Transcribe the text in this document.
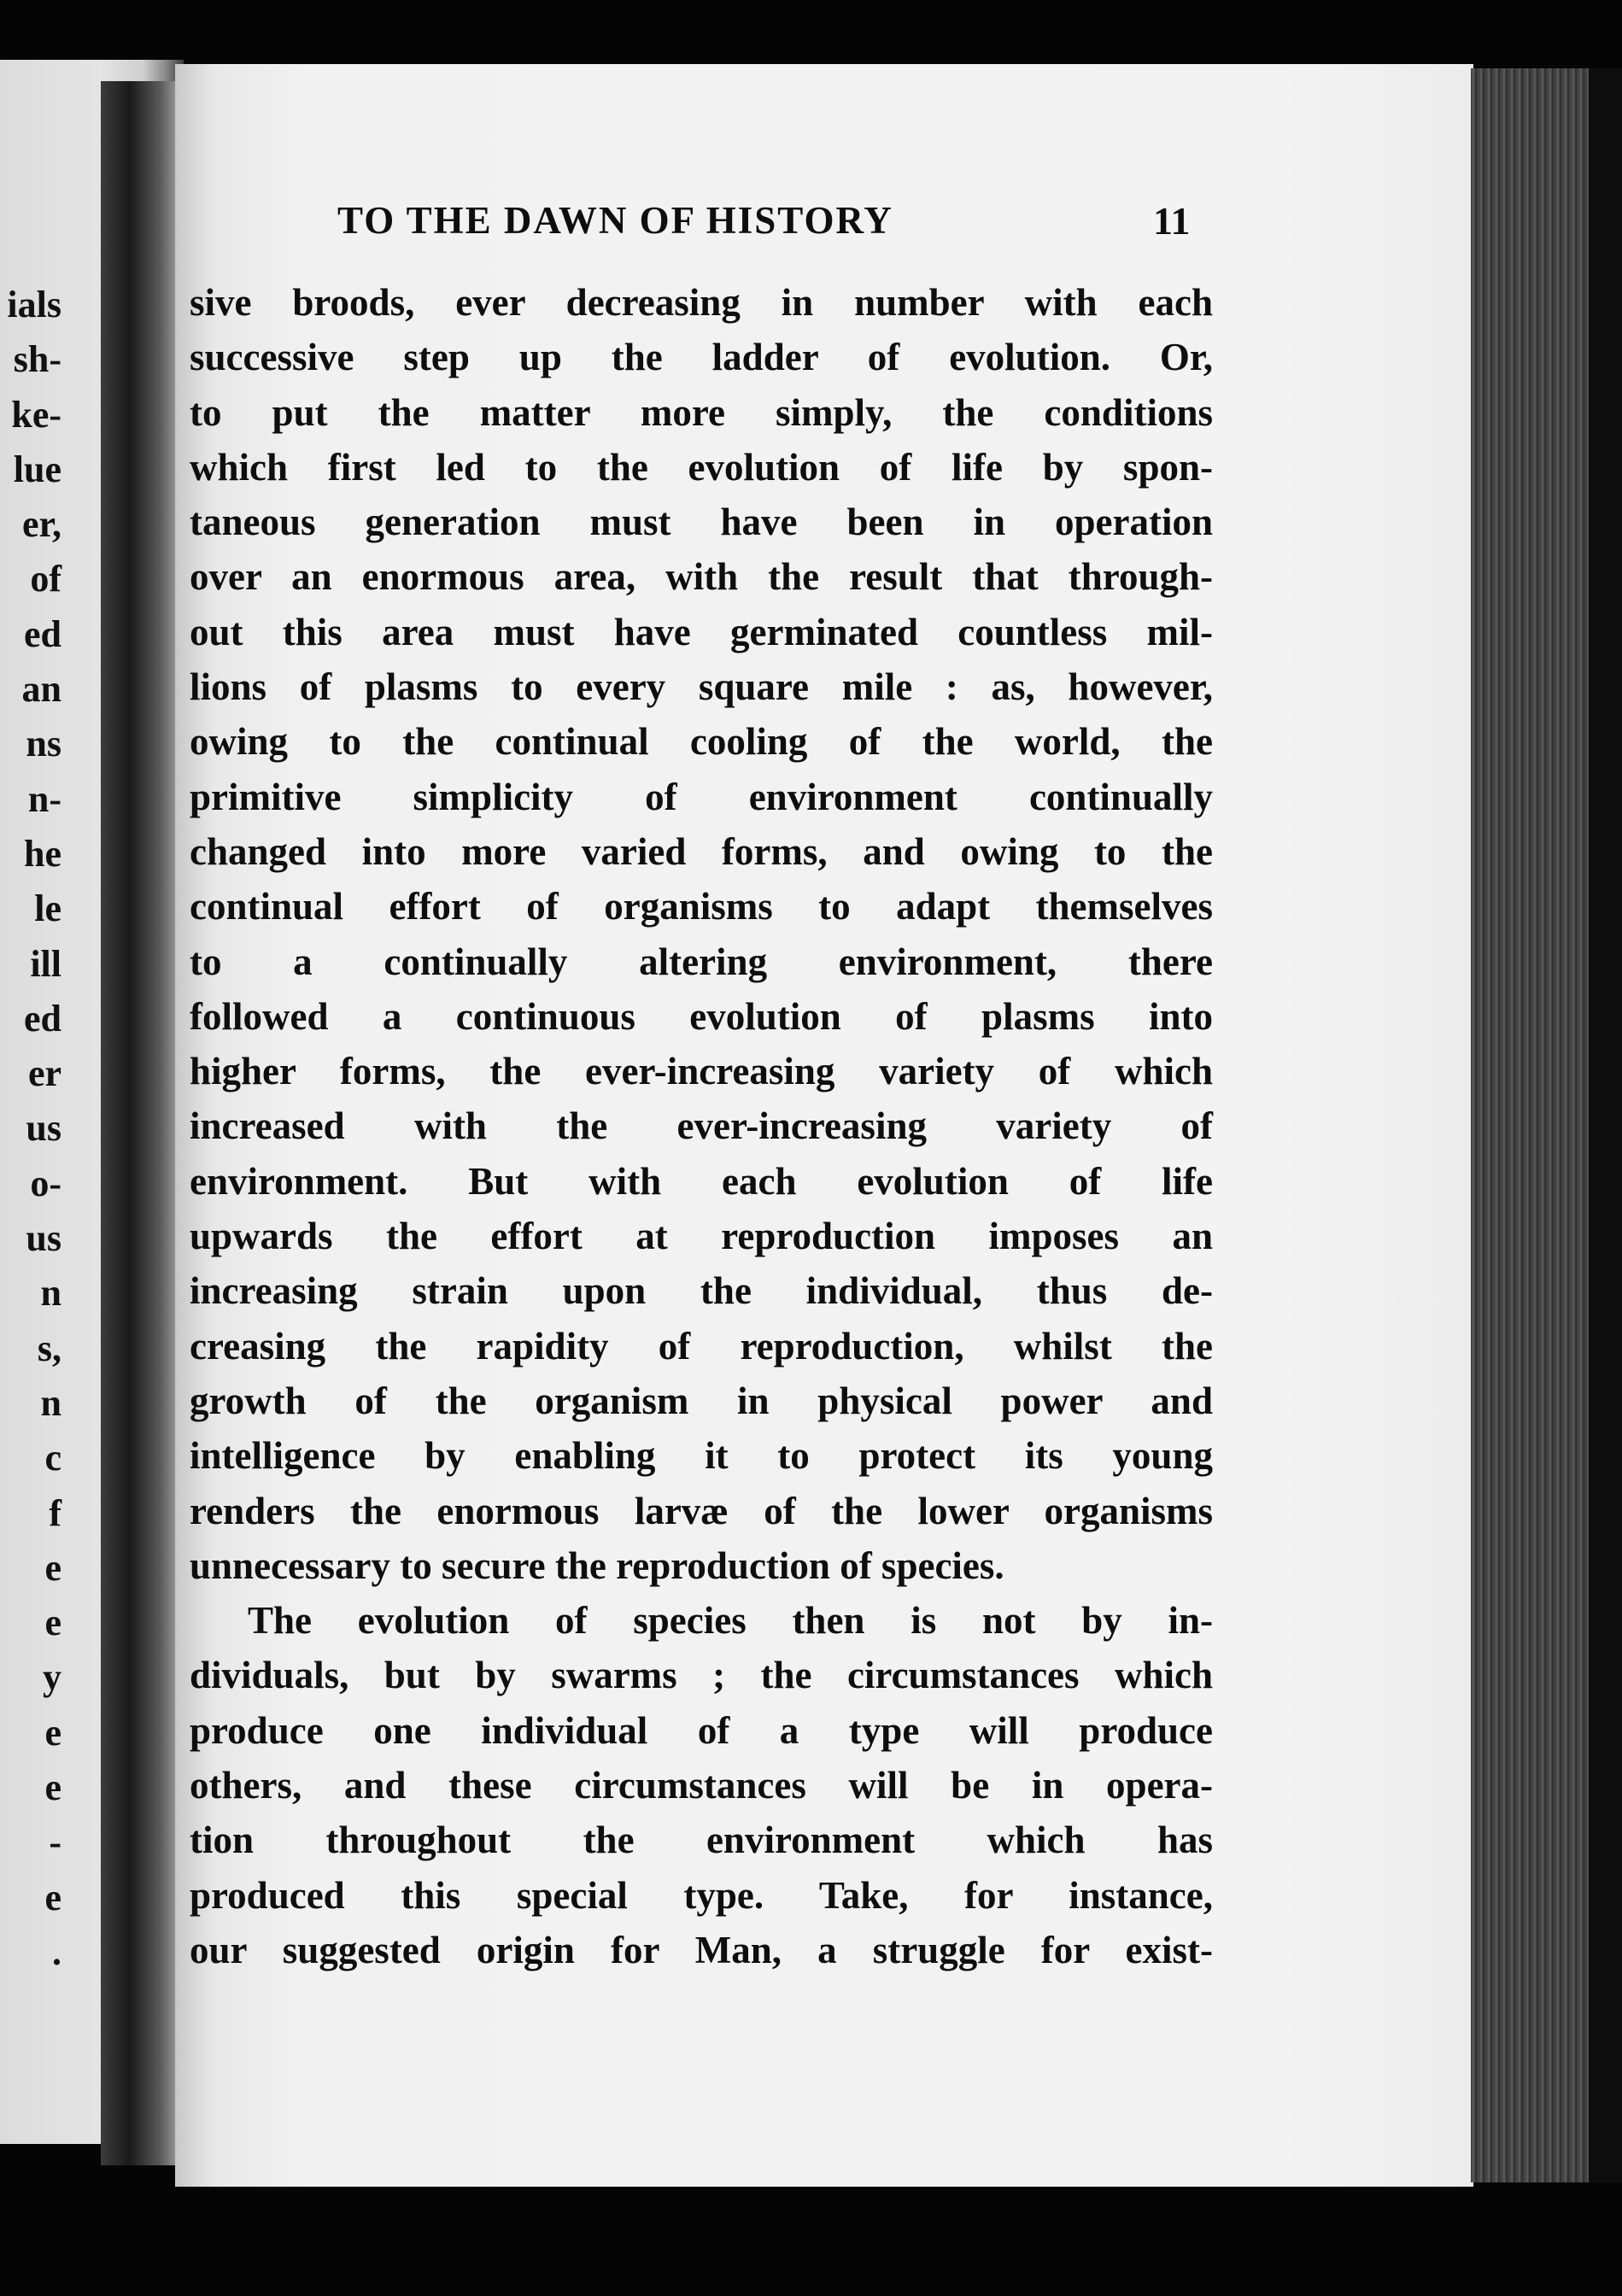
ials
sh-
ke-
lue
er,
of
ed
an
ns
n-
he
le
ill
ed
er
us
o-
us
n
s,
n
c
f
e
e
y
e
e
-
e
.
TO THE DAWN OF HISTORY	11
sive broods, ever decreasing in number with each
successive step up the ladder of evolution. Or,
to put the matter more simply, the conditions
which first led to the evolution of life by spon-
taneous generation must have been in operation
over an enormous area, with the result that through-
out this area must have germinated countless mil-
lions of plasms to every square mile : as, however,
owing to the continual cooling of the world, the
primitive simplicity of environment continually
changed into more varied forms, and owing to the
continual effort of organisms to adapt themselves
to a continually altering environment, there
followed a continuous evolution of plasms into
higher forms, the ever-increasing variety of which
increased with the ever-increasing variety of
environment. But with each evolution of life
upwards the effort at reproduction imposes an
increasing strain upon the individual, thus de-
creasing the rapidity of reproduction, whilst the
growth of the organism in physical power and
intelligence by enabling it to protect its young
renders the enormous larvæ of the lower organisms
unnecessary to secure the reproduction of species.
The evolution of species then is not by in-
dividuals, but by swarms ; the circumstances which
produce one individual of a type will produce
others, and these circumstances will be in opera-
tion throughout the environment which has
produced this special type. Take, for instance,
our suggested origin for Man, a struggle for exist-
